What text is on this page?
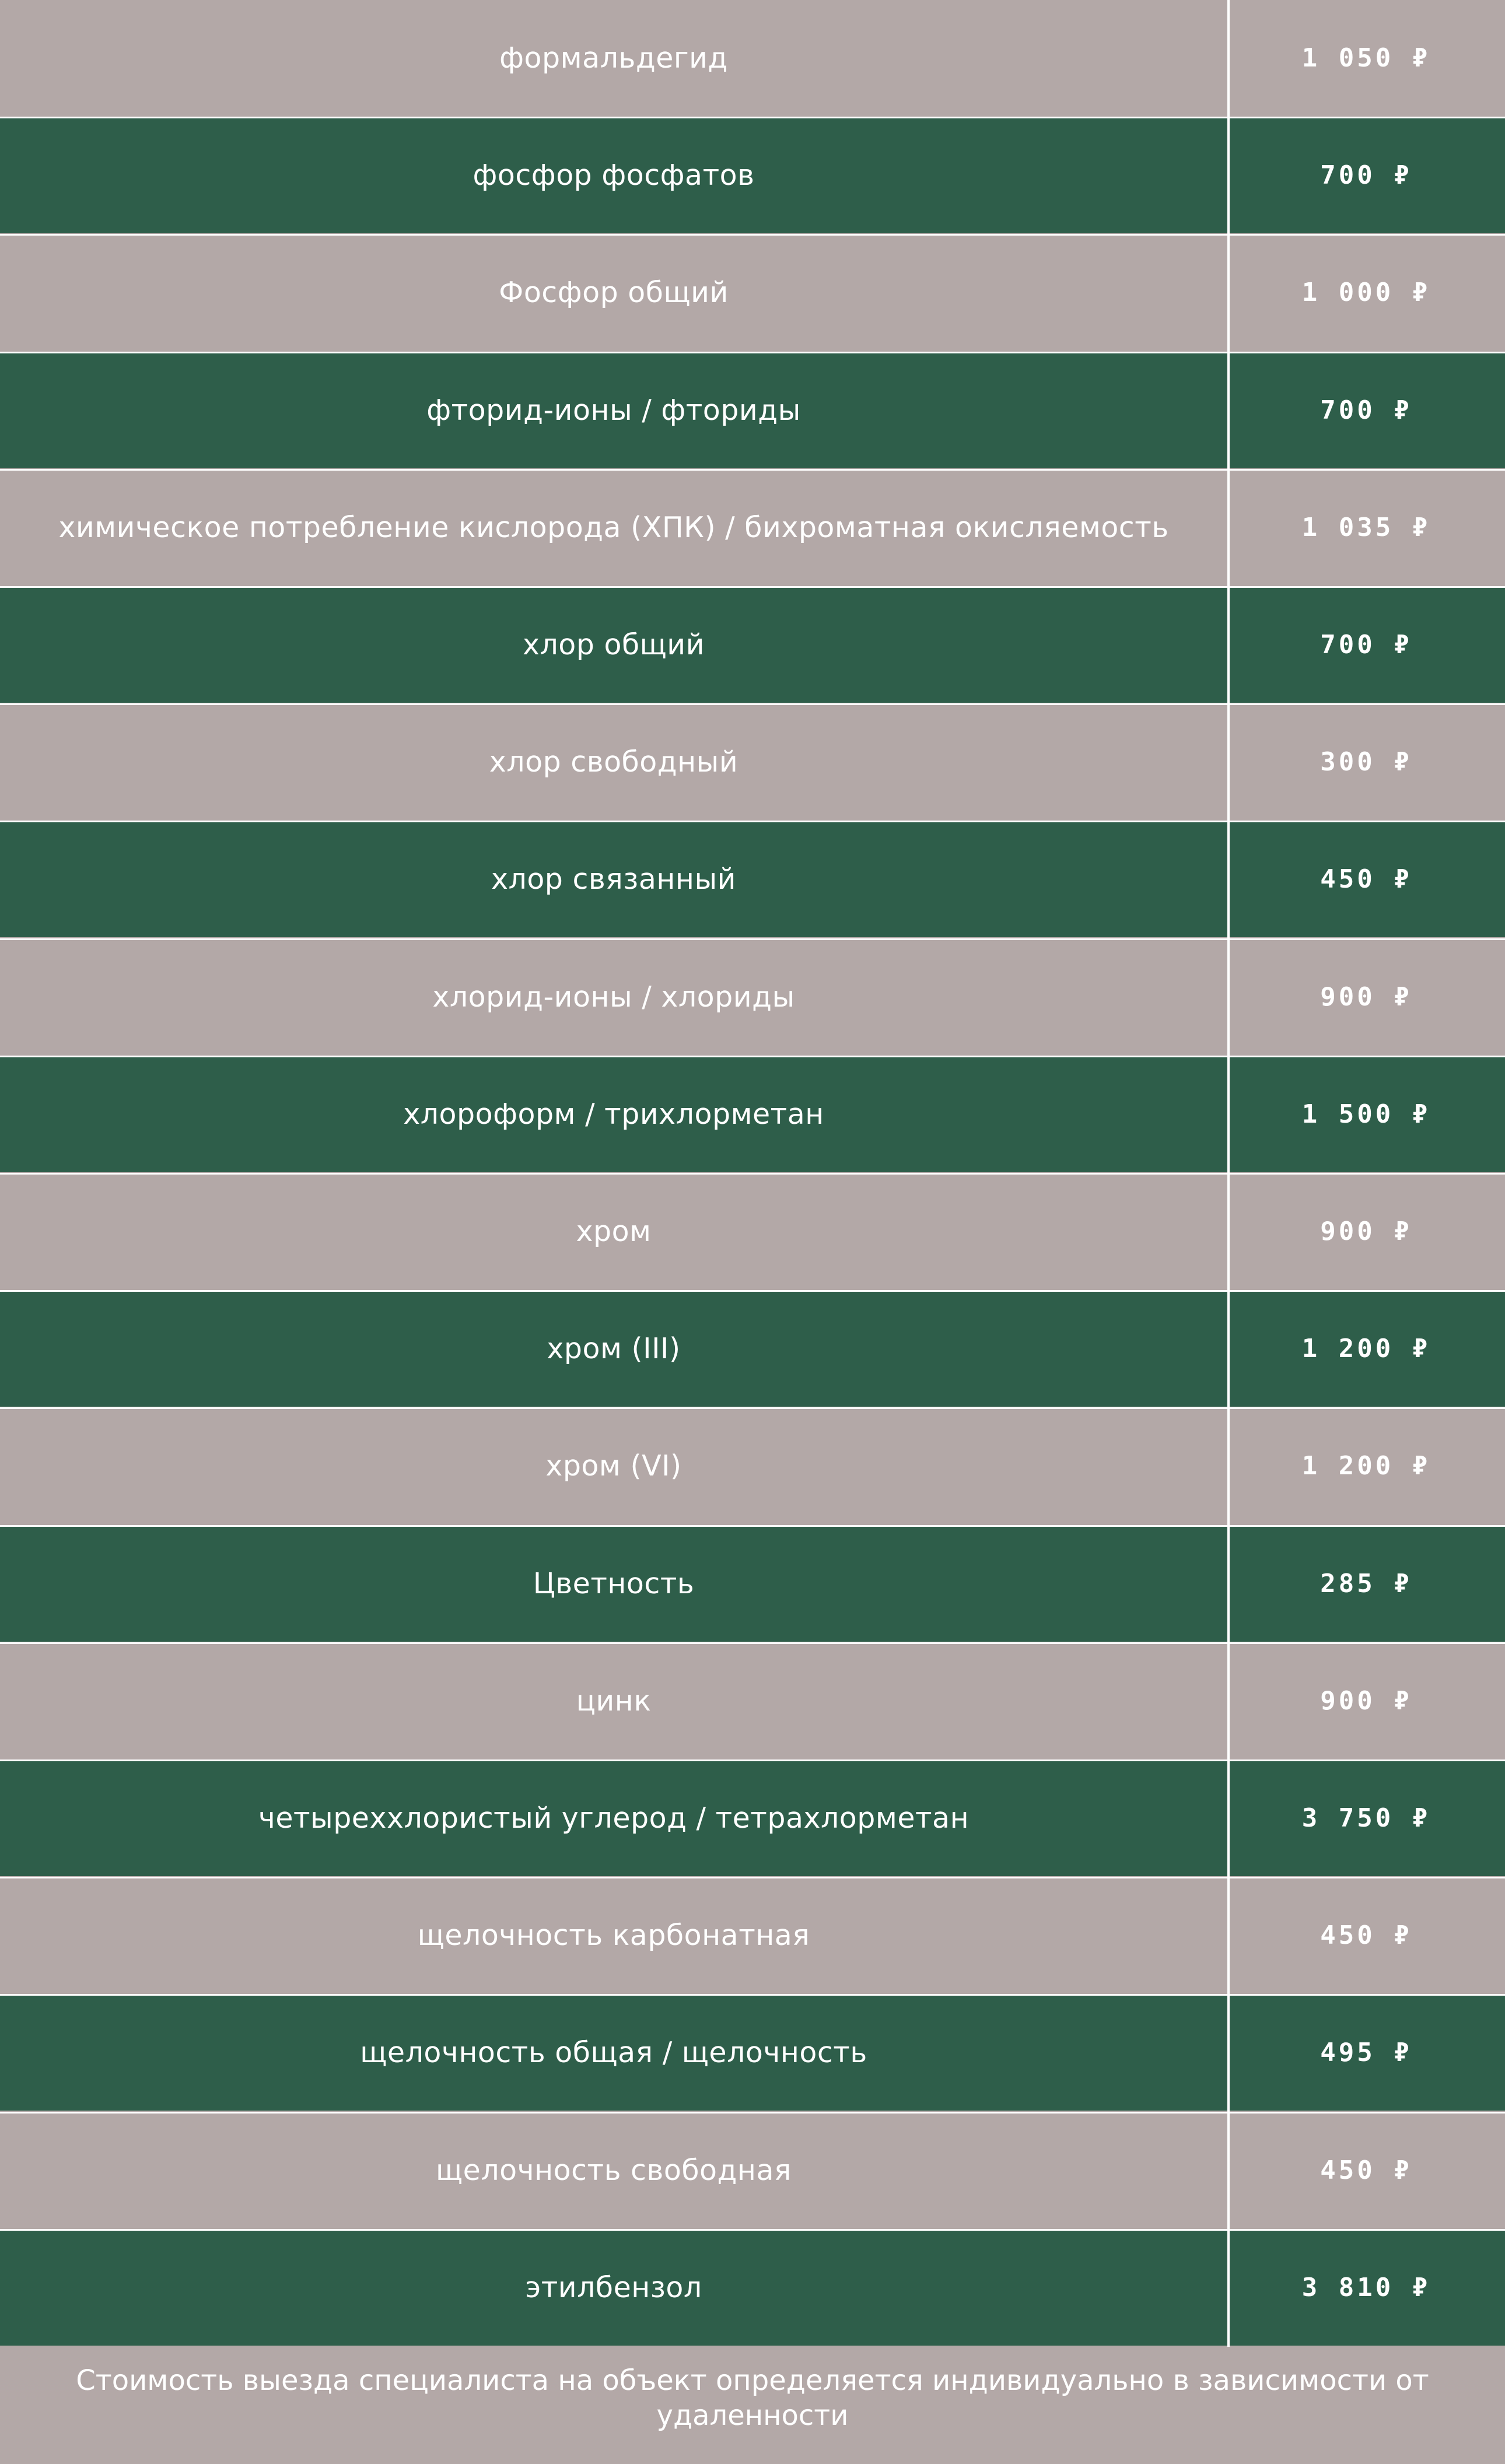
формальдегид	1 050 ₽
фосфор фосфатов	700 ₽
Фосфор общий	1 000 ₽
фторид-ионы / фториды	700 ₽
химическое потребление кислорода (ХПК) / бихроматная окисляемость	1 035 ₽
хлор общий	700 ₽
хлор свободный	300 ₽
хлор связанный	450 ₽
хлорид-ионы / хлориды	900 ₽
хлороформ / трихлорметан	1 500 ₽
хром	900 ₽
хром (III)	1 200 ₽
хром (VI)	1 200 ₽
Цветность	285 ₽
цинк	900 ₽
четыреххлористый углерод / тетрахлорметан	3 750 ₽
щелочность карбонатная	450 ₽
щелочность общая / щелочность	495 ₽
щелочность свободная	450 ₽
этилбензол	3 810 ₽
Стоимость выезда специалиста на объект определяется индивидуально в зависимости от удаленности
